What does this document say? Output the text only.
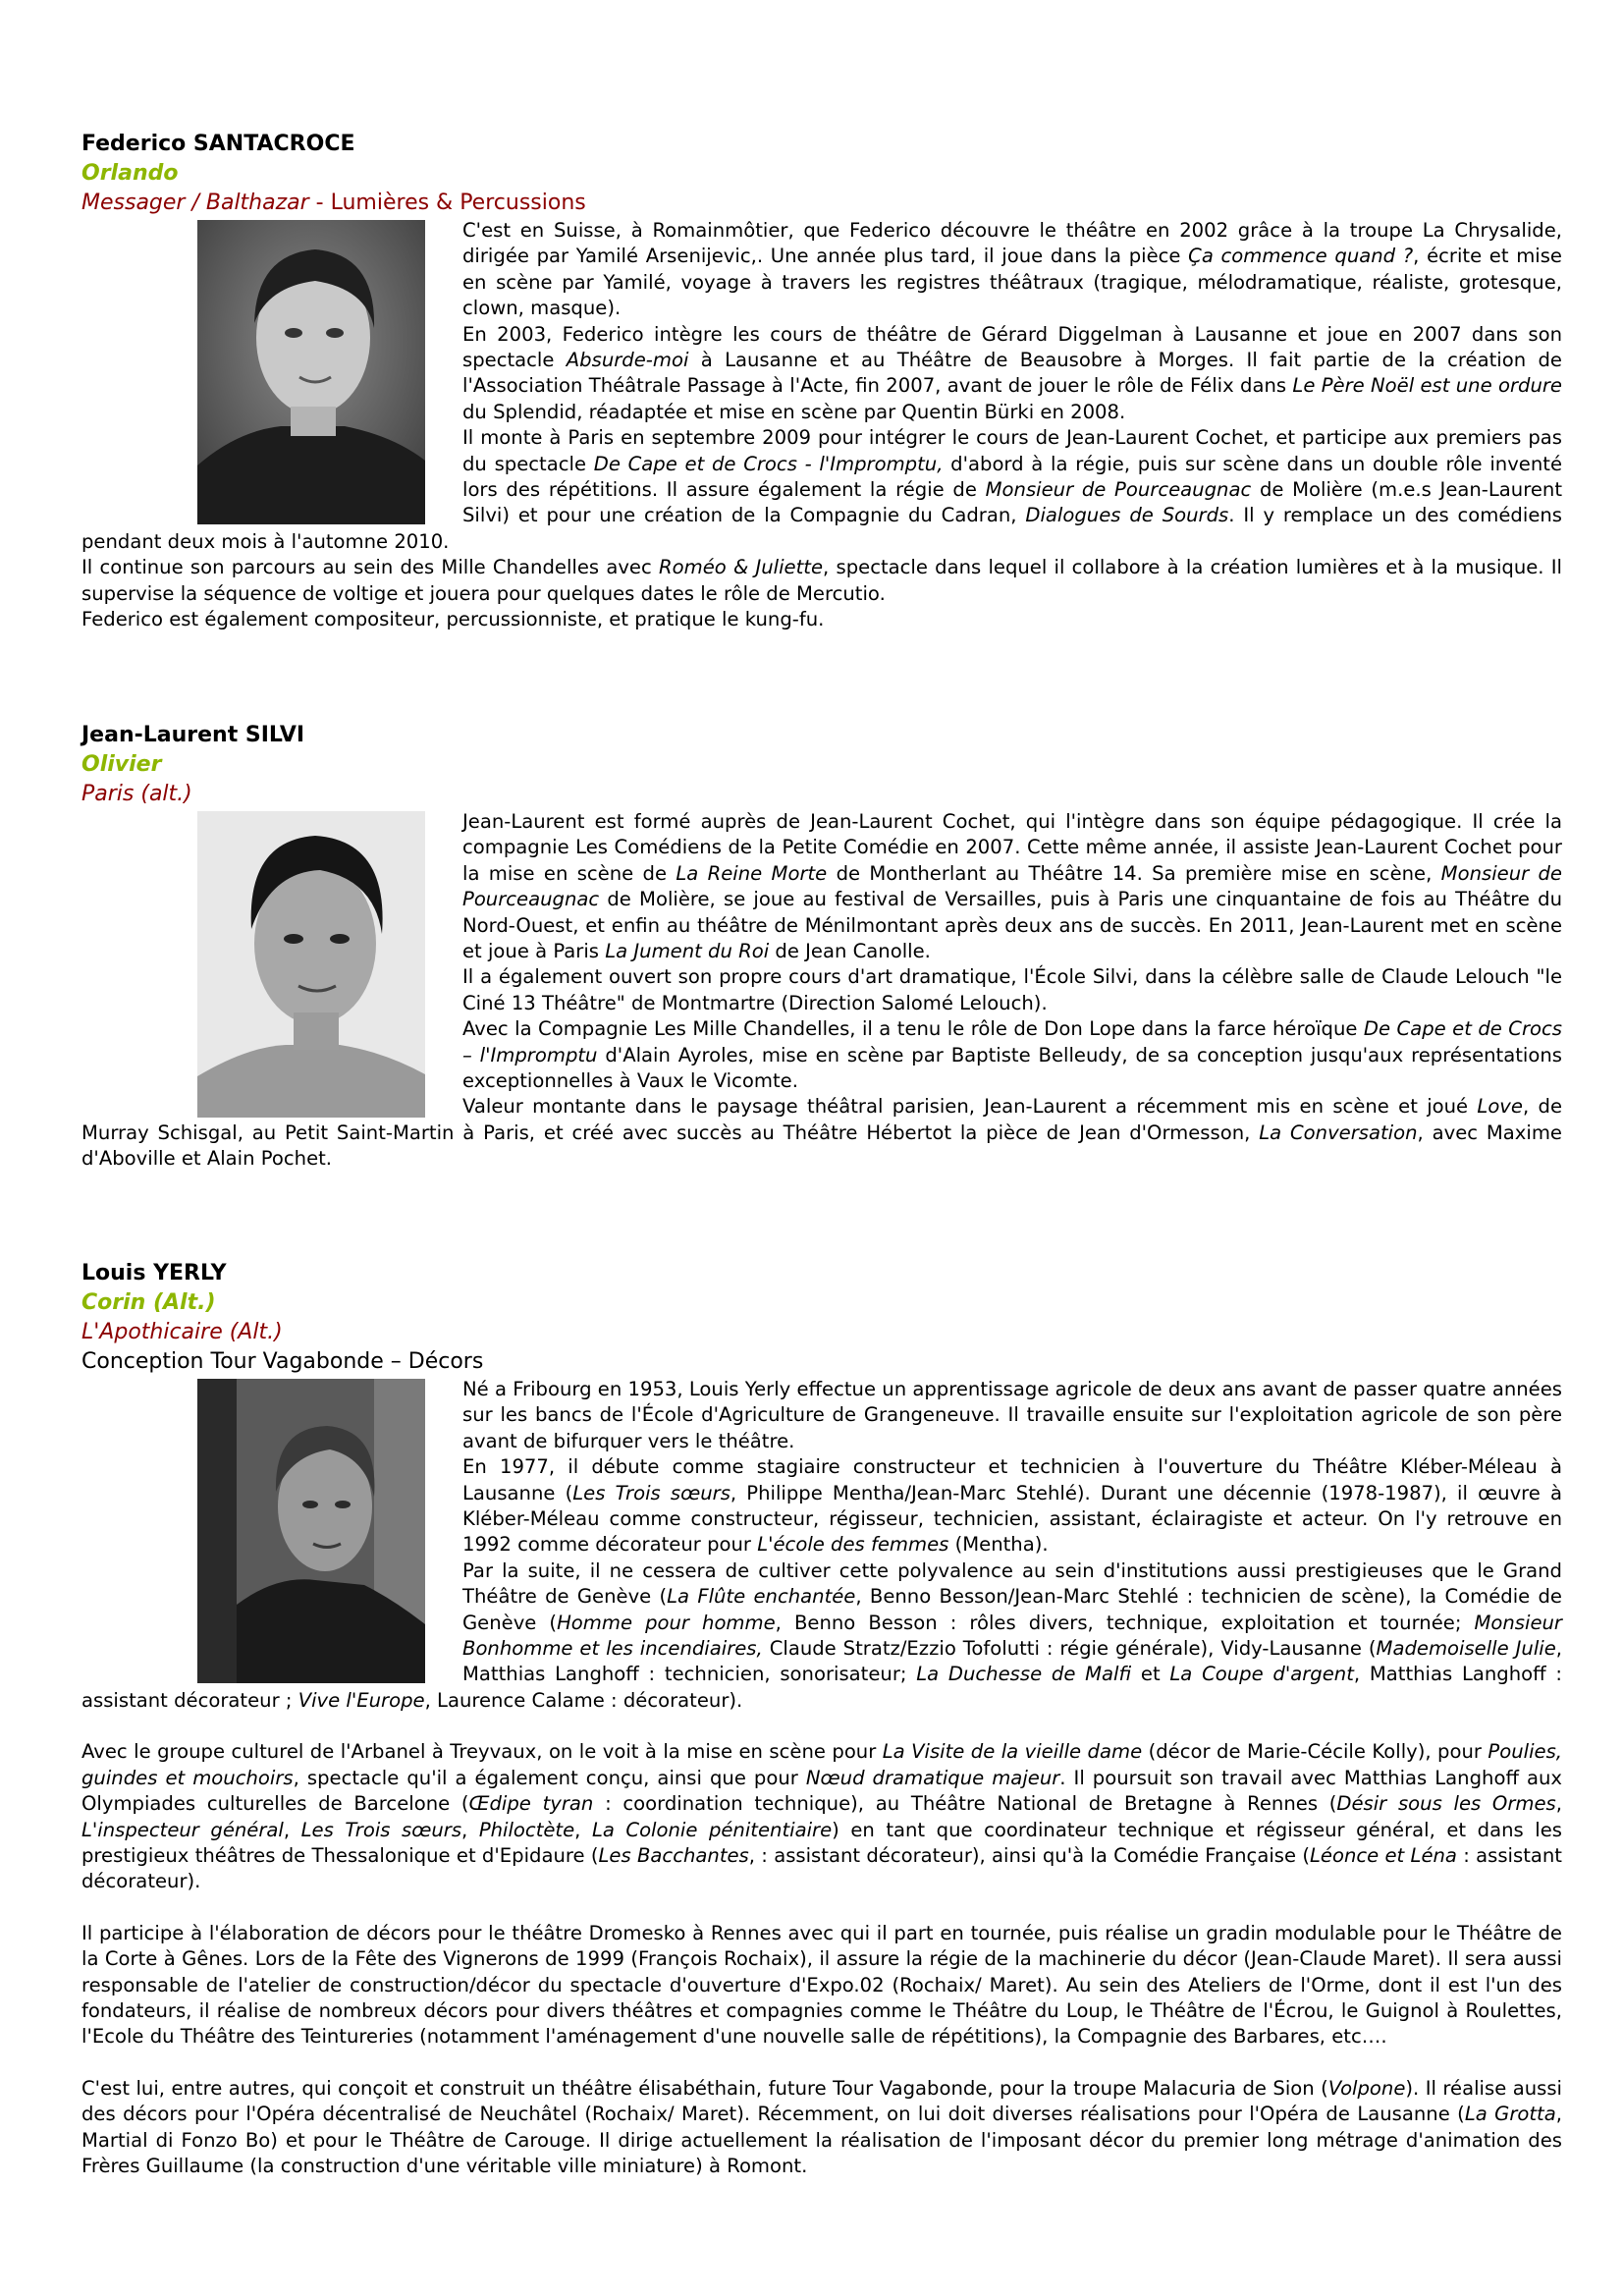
Federico SANTACROCE
Orlando
Messager / Balthazar - Lumières & Percussions

C'est en Suisse, à Romainmôtier, que Federico découvre le théâtre en 2002 grâce à la troupe La Chrysalide, dirigée par Yamilé Arsenijevic,. Une année plus tard, il joue dans la pièce Ça commence quand ?, écrite et mise en scène par Yamilé, voyage à travers les registres théâtraux (tragique, mélodramatique, réaliste, grotesque, clown, masque).

En 2003, Federico intègre les cours de théâtre de Gérard Diggelman à Lausanne et joue en 2007 dans son spectacle Absurde-moi à Lausanne et au Théâtre de Beausobre à Morges. Il fait partie de la création de l'Association Théâtrale Passage à l'Acte, fin 2007, avant de jouer le rôle de Félix dans Le Père Noël est une ordure du Splendid, réadaptée et mise en scène par Quentin Bürki en 2008.

Il monte à Paris en septembre 2009 pour intégrer le cours de Jean-Laurent Cochet, et participe aux premiers pas du spectacle De Cape et de Crocs - l'Impromptu, d'abord à la régie, puis sur scène dans un double rôle inventé lors des répétitions. Il assure également la régie de Monsieur de Pourceaugnac de Molière (m.e.s Jean-Laurent Silvi) et pour une création de la Compagnie du Cadran, Dialogues de Sourds. Il y remplace un des comédiens pendant deux mois à l'automne 2010.

Il continue son parcours au sein des Mille Chandelles avec Roméo & Juliette, spectacle dans lequel il collabore à la création lumières et à la musique. Il supervise la séquence de voltige et jouera pour quelques dates le rôle de Mercutio.

Federico est également compositeur, percussionniste, et pratique le kung-fu.

Jean-Laurent SILVI
Olivier
Paris (alt.)

Jean-Laurent est formé auprès de Jean-Laurent Cochet, qui l'intègre dans son équipe pédagogique. Il crée la compagnie Les Comédiens de la Petite Comédie en 2007. Cette même année, il assiste Jean-Laurent Cochet pour la mise en scène de La Reine Morte de Montherlant au Théâtre 14. Sa première mise en scène, Monsieur de Pourceaugnac de Molière, se joue au festival de Versailles, puis à Paris une cinquantaine de fois au Théâtre du Nord-Ouest, et enfin au théâtre de Ménilmontant après deux ans de succès. En 2011, Jean-Laurent met en scène et joue à Paris La Jument du Roi de Jean Canolle.

Il a également ouvert son propre cours d'art dramatique, l'École Silvi, dans la célèbre salle de Claude Lelouch "le Ciné 13 Théâtre" de Montmartre (Direction Salomé Lelouch).

Avec la Compagnie Les Mille Chandelles, il a tenu le rôle de Don Lope dans la farce héroïque De Cape et de Crocs – l'Impromptu d'Alain Ayroles, mise en scène par Baptiste Belleudy, de sa conception jusqu'aux représentations exceptionnelles à Vaux le Vicomte.

Valeur montante dans le paysage théâtral parisien, Jean-Laurent a récemment mis en scène et joué Love, de Murray Schisgal, au Petit Saint-Martin à Paris, et créé avec succès au Théâtre Hébertot la pièce de Jean d'Ormesson, La Conversation, avec Maxime d'Aboville et Alain Pochet.

Louis YERLY
Corin (Alt.)
L'Apothicaire (Alt.)
Conception Tour Vagabonde – Décors

Né a Fribourg en 1953, Louis Yerly effectue un apprentissage agricole de deux ans avant de passer quatre années sur les bancs de l'École d'Agriculture de Grangeneuve. Il travaille ensuite sur l'exploitation agricole de son père avant de bifurquer vers le théâtre.

En 1977, il débute comme stagiaire constructeur et technicien à l'ouverture du Théâtre Kléber-Méleau à Lausanne (Les Trois sœurs, Philippe Mentha/Jean-Marc Stehlé). Durant une décennie (1978-1987), il œuvre à Kléber-Méleau comme constructeur, régisseur, technicien, assistant, éclairagiste et acteur. On l'y retrouve en 1992 comme décorateur pour L'école des femmes (Mentha).

Par la suite, il ne cessera de cultiver cette polyvalence au sein d'institutions aussi prestigieuses que le Grand Théâtre de Genève (La Flûte enchantée, Benno Besson/Jean-Marc Stehlé : technicien de scène), la Comédie de Genève (Homme pour homme, Benno Besson : rôles divers, technique, exploitation et tournée; Monsieur Bonhomme et les incendiaires, Claude Stratz/Ezzio Tofolutti : régie générale), Vidy-Lausanne (Mademoiselle Julie, Matthias Langhoff : technicien, sonorisateur; La Duchesse de Malfi et La Coupe d'argent, Matthias Langhoff : assistant décorateur ; Vive l'Europe, Laurence Calame : décorateur).

Avec le groupe culturel de l'Arbanel à Treyvaux, on le voit à la mise en scène pour La Visite de la vieille dame (décor de Marie-Cécile Kolly), pour Poulies, guindes et mouchoirs, spectacle qu'il a également conçu, ainsi que pour Nœud dramatique majeur. Il poursuit son travail avec Matthias Langhoff aux Olympiades culturelles de Barcelone (Œdipe tyran : coordination technique), au Théâtre National de Bretagne à Rennes (Désir sous les Ormes, L'inspecteur général, Les Trois sœurs, Philoctète, La Colonie pénitentiaire) en tant que coordinateur technique et régisseur général, et dans les prestigieux théâtres de Thessalonique et d'Epidaure (Les Bacchantes, : assistant décorateur), ainsi qu'à la Comédie Française (Léonce et Léna : assistant décorateur).

Il participe à l'élaboration de décors pour le théâtre Dromesko à Rennes avec qui il part en tournée, puis réalise un gradin modulable pour le Théâtre de la Corte à Gênes. Lors de la Fête des Vignerons de 1999 (François Rochaix), il assure la régie de la machinerie du décor (Jean-Claude Maret). Il sera aussi responsable de l'atelier de construction/décor du spectacle d'ouverture d'Expo.02 (Rochaix/ Maret). Au sein des Ateliers de l'Orme, dont il est l'un des fondateurs, il réalise de nombreux décors pour divers théâtres et compagnies comme le Théâtre du Loup, le Théâtre de l'Écrou, le Guignol à Roulettes, l'Ecole du Théâtre des Teintureries (notamment l'aménagement d'une nouvelle salle de répétitions), la Compagnie des Barbares, etc….

C'est lui, entre autres, qui conçoit et construit un théâtre élisabéthain, future Tour Vagabonde, pour la troupe Malacuria de Sion (Volpone). Il réalise aussi des décors pour l'Opéra décentralisé de Neuchâtel (Rochaix/ Maret). Récemment, on lui doit diverses réalisations pour l'Opéra de Lausanne (La Grotta, Martial di Fonzo Bo) et pour le Théâtre de Carouge. Il dirige actuellement la réalisation de l'imposant décor du premier long métrage d'animation des Frères Guillaume (la construction d'une véritable ville miniature) à Romont.
